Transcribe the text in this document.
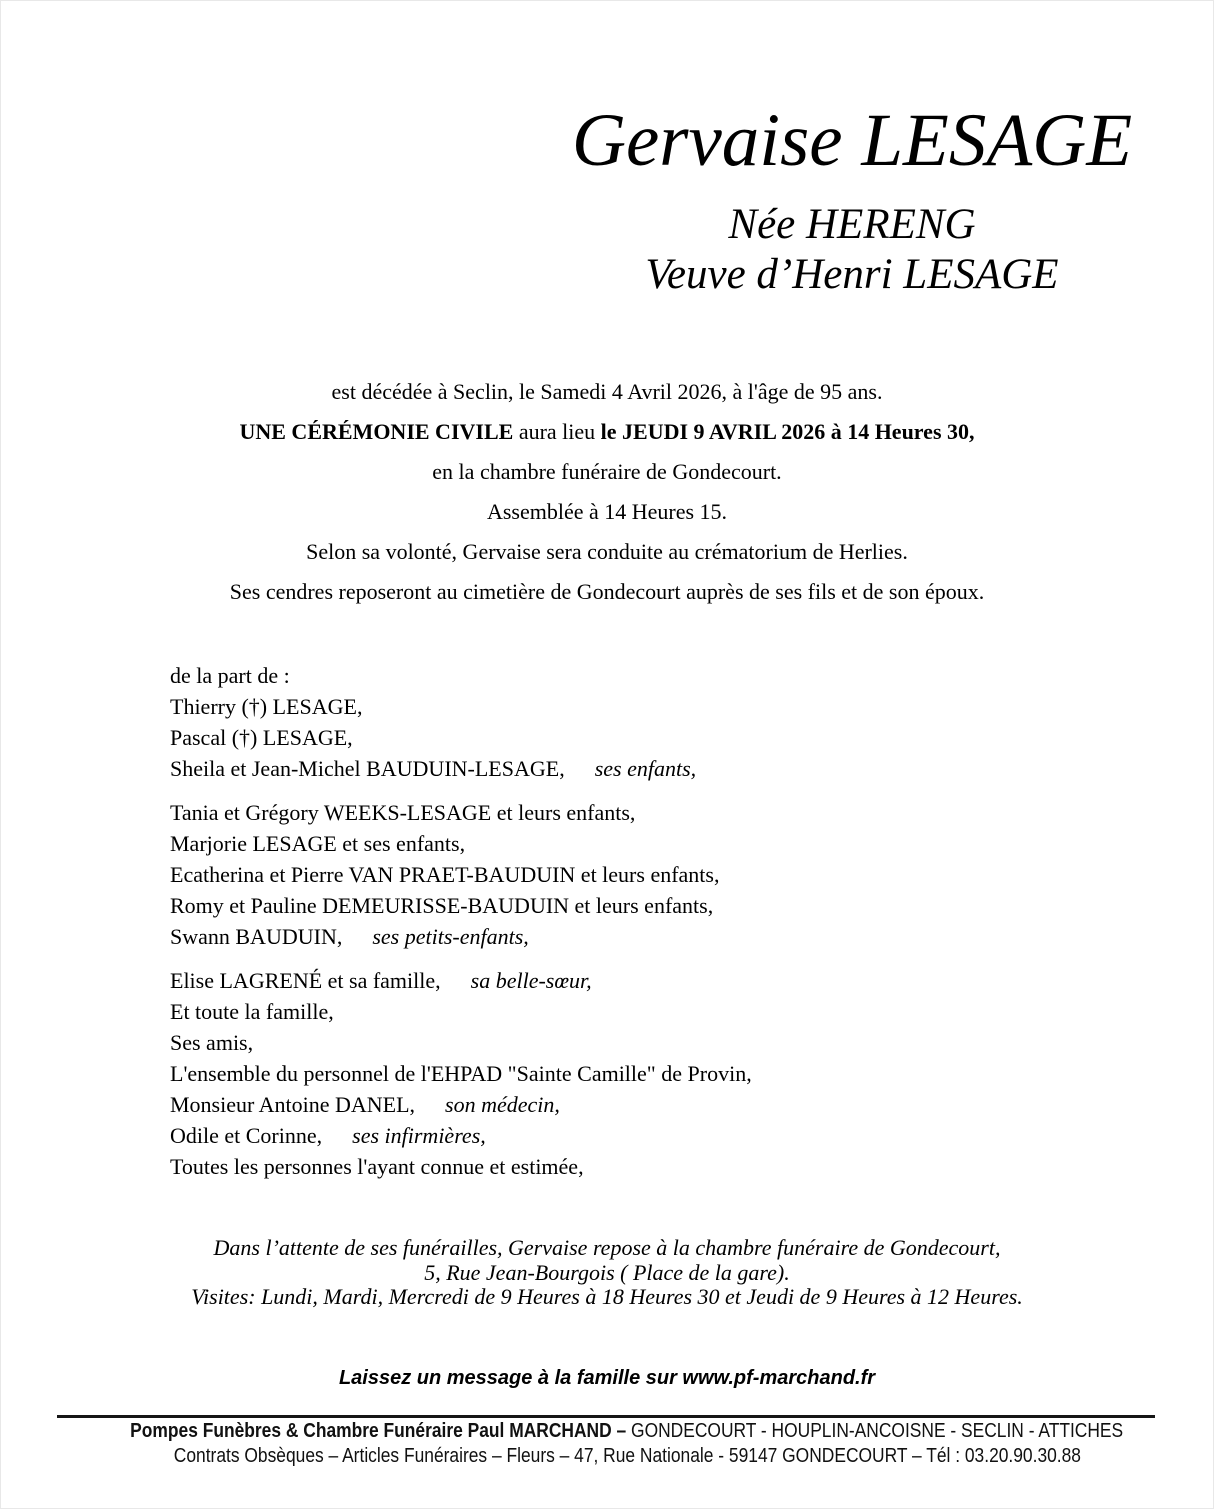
Gervaise LESAGE
Née HERENG
Veuve d’Henri LESAGE
est décédée à Seclin, le Samedi 4 Avril 2026, à l'âge de 95 ans.
UNE CÉRÉMONIE CIVILE aura lieu le JEUDI 9 AVRIL 2026 à 14 Heures 30,
en la chambre funéraire de Gondecourt.
Assemblée à 14 Heures 15.
Selon sa volonté, Gervaise sera conduite au crématorium de Herlies.
Ses cendres reposeront au cimetière de Gondecourt auprès de ses fils et de son époux.
de la part de :
Thierry (†) LESAGE,
Pascal (†) LESAGE,
Sheila et Jean-Michel BAUDUIN-LESAGE, ses enfants,
Tania et Grégory WEEKS-LESAGE et leurs enfants,
Marjorie LESAGE et ses enfants,
Ecatherina et Pierre VAN PRAET-BAUDUIN et leurs enfants,
Romy et Pauline DEMEURISSE-BAUDUIN et leurs enfants,
Swann BAUDUIN, ses petits-enfants,
Elise LAGRENÉ et sa famille, sa belle-sœur,
Et toute la famille,
Ses amis,
L'ensemble du personnel de l'EHPAD "Sainte Camille" de Provin,
Monsieur Antoine DANEL, son médecin,
Odile et Corinne, ses infirmières,
Toutes les personnes l'ayant connue et estimée,
Dans l’attente de ses funérailles, Gervaise repose à la chambre funéraire de Gondecourt,
5, Rue Jean-Bourgois ( Place de la gare).
Visites: Lundi, Mardi, Mercredi de 9 Heures à 18 Heures 30 et Jeudi de 9 Heures à 12 Heures.
Laissez un message à la famille sur www.pf-marchand.fr
Pompes Funèbres & Chambre Funéraire Paul MARCHAND – GONDECOURT - HOUPLIN-ANCOISNE - SECLIN - ATTICHES
Contrats Obsèques – Articles Funéraires – Fleurs – 47, Rue Nationale - 59147 GONDECOURT – Tél : 03.20.90.30.88
